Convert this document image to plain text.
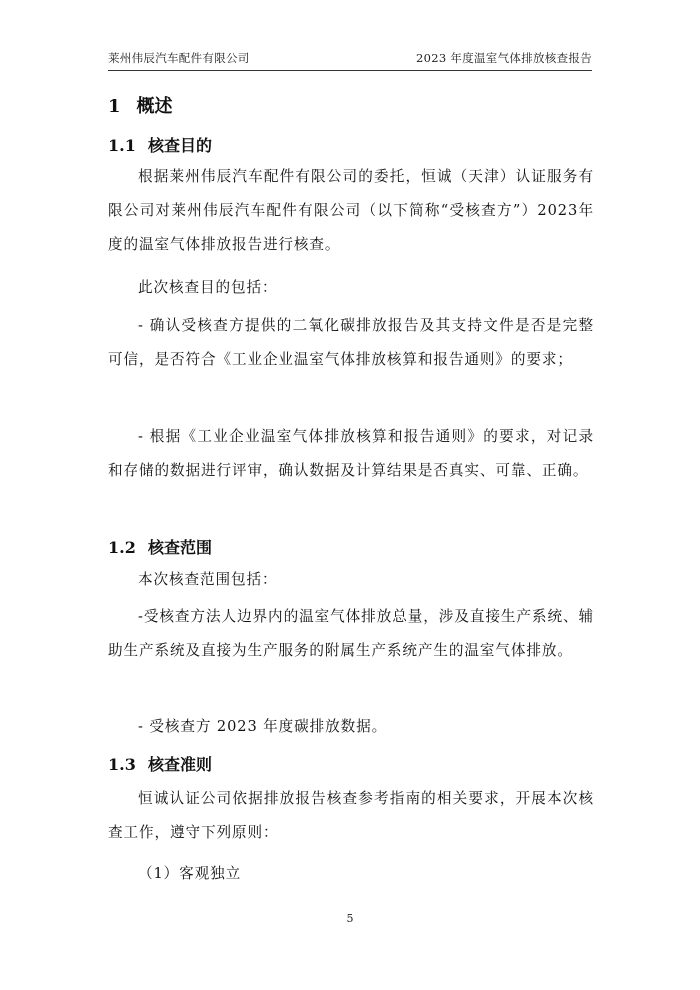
莱州伟辰汽车配件有限公司	2023 年度温室气体排放核查报告
1 概述
1.1 核查目的
根据莱州伟辰汽车配件有限公司的委托，恒诚（天津）认证服务有限公司对莱州伟辰汽车配件有限公司（以下简称“受核查方”）2023年度的温室气体排放报告进行核查。
此次核查目的包括：
- 确认受核查方提供的二氧化碳排放报告及其支持文件是否是完整可信，是否符合《工业企业温室气体排放核算和报告通则》的要求；
- 根据《工业企业温室气体排放核算和报告通则》的要求，对记录和存储的数据进行评审，确认数据及计算结果是否真实、可靠、正确。
1.2 核查范围
本次核查范围包括：
-受核查方法人边界内的温室气体排放总量，涉及直接生产系统、辅助生产系统及直接为生产服务的附属生产系统产生的温室气体排放。
- 受核查方 2023 年度碳排放数据。
1.3 核查准则
恒诚认证公司依据排放报告核查参考指南的相关要求，开展本次核查工作，遵守下列原则：
（1）客观独立
5
